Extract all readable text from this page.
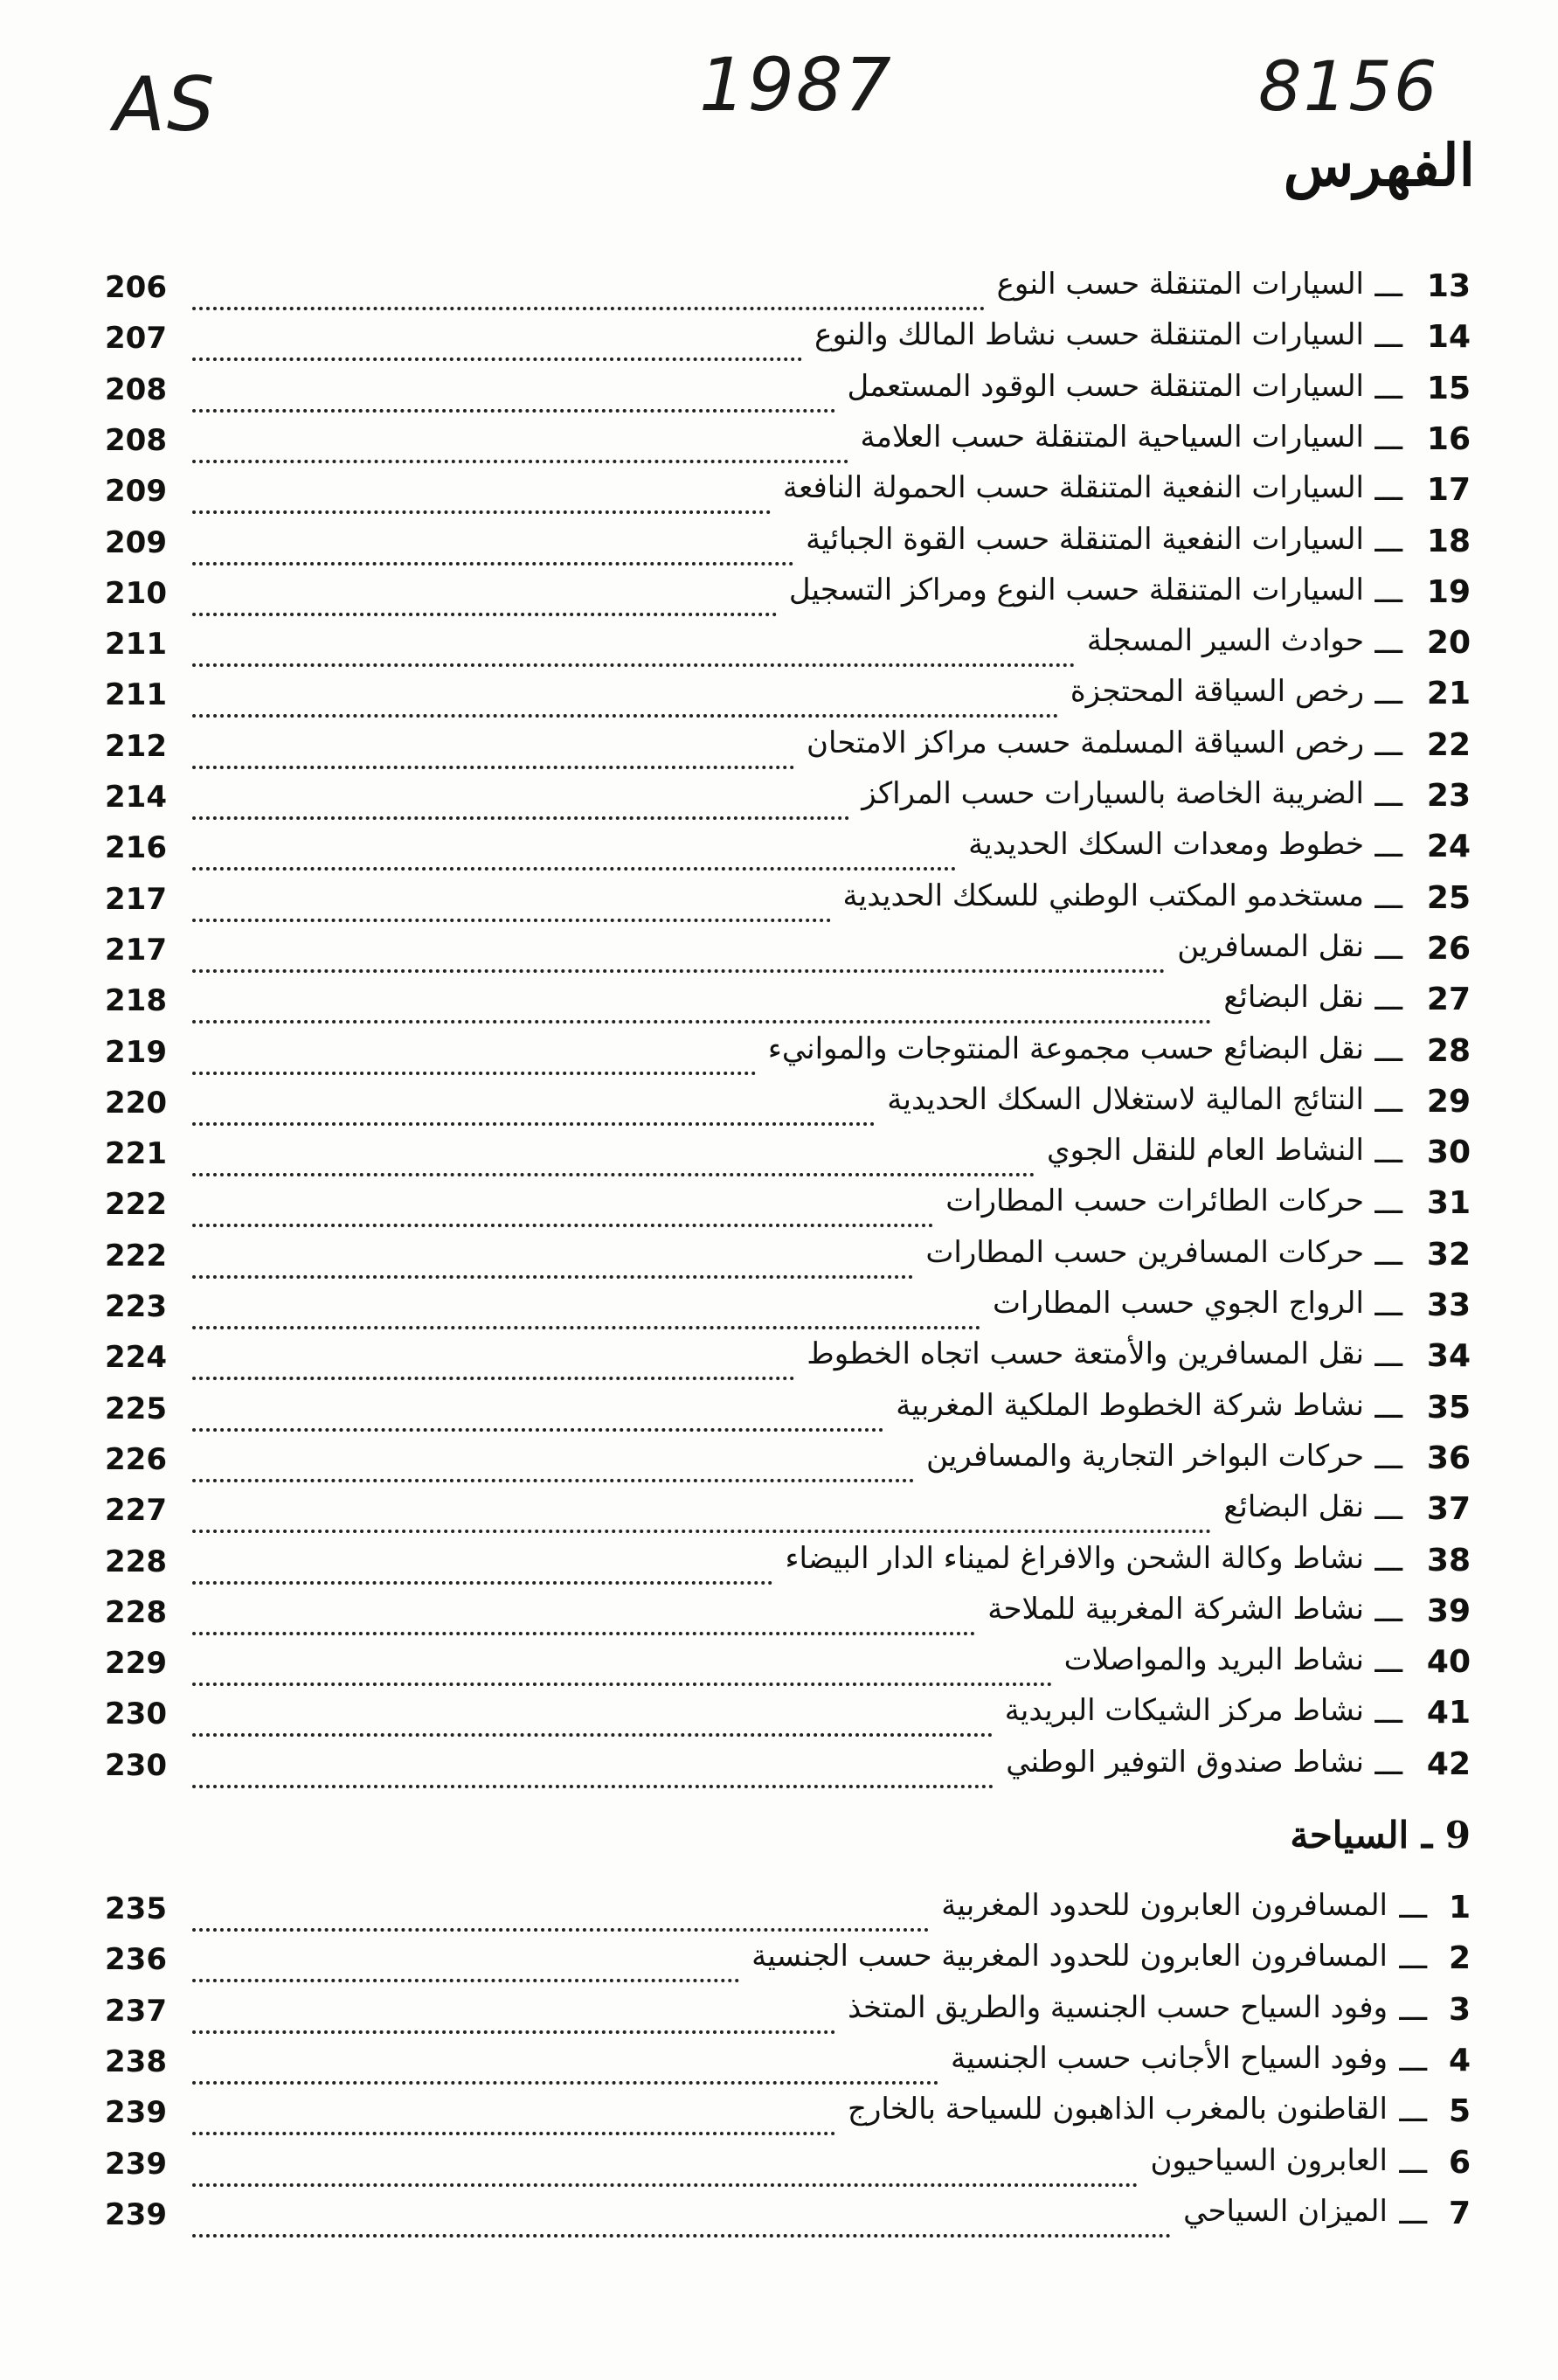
AS	1987	8156
الفهرس
13
ـــ
السيارات المتنقلة حسب النوع
206
14
ـــ
السيارات المتنقلة حسب نشاط المالك والنوع
207
15
ـــ
السيارات المتنقلة حسب الوقود المستعمل
208
16
ـــ
السيارات السياحية المتنقلة حسب العلامة
208
17
ـــ
السيارات النفعية المتنقلة حسب الحمولة النافعة
209
18
ـــ
السيارات النفعية المتنقلة حسب القوة الجبائية
209
19
ـــ
السيارات المتنقلة حسب النوع ومراكز التسجيل
210
20
ـــ
حوادث السير المسجلة
211
21
ـــ
رخص السياقة المحتجزة
211
22
ـــ
رخص السياقة المسلمة حسب مراكز الامتحان
212
23
ـــ
الضريبة الخاصة بالسيارات حسب المراكز
214
24
ـــ
خطوط ومعدات السكك الحديدية
216
25
ـــ
مستخدمو المكتب الوطني للسكك الحديدية
217
26
ـــ
نقل المسافرين
217
27
ـــ
نقل البضائع
218
28
ـــ
نقل البضائع حسب مجموعة المنتوجات والموانيء
219
29
ـــ
النتائج المالية لاستغلال السكك الحديدية
220
30
ـــ
النشاط العام للنقل الجوي
221
31
ـــ
حركات الطائرات حسب المطارات
222
32
ـــ
حركات المسافرين حسب المطارات
222
33
ـــ
الرواج الجوي حسب المطارات
223
34
ـــ
نقل المسافرين والأمتعة حسب اتجاه الخطوط
224
35
ـــ
نشاط شركة الخطوط الملكية المغربية
225
36
ـــ
حركات البواخر التجارية والمسافرين
226
37
ـــ
نقل البضائع
227
38
ـــ
نشاط وكالة الشحن والافراغ لميناء الدار البيضاء
228
39
ـــ
نشاط الشركة المغربية للملاحة
228
40
ـــ
نشاط البريد والمواصلات
229
41
ـــ
نشاط مركز الشيكات البريدية
230
42
ـــ
نشاط صندوق التوفير الوطني
230
9 ـ السياحة
1
ـــ
المسافرون العابرون للحدود المغربية
235
2
ـــ
المسافرون العابرون للحدود المغربية حسب الجنسية
236
3
ـــ
وفود السياح حسب الجنسية والطريق المتخذ
237
4
ـــ
وفود السياح الأجانب حسب الجنسية
238
5
ـــ
القاطنون بالمغرب الذاهبون للسياحة بالخارج
239
6
ـــ
العابرون السياحيون
239
7
ـــ
الميزان السياحي
239
